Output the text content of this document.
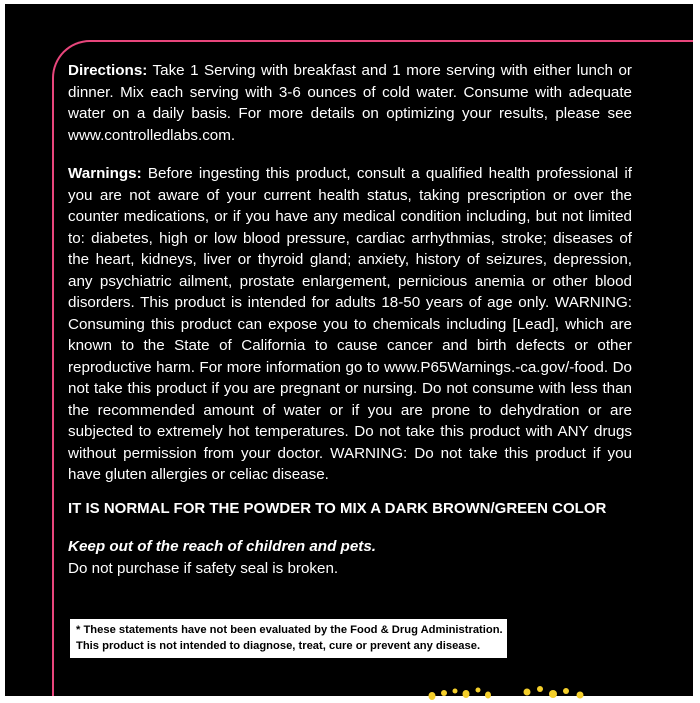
Directions: Take 1 Serving with breakfast and 1 more serving with either lunch or dinner. Mix each serving with 3-6 ounces of cold water. Consume with adequate water on a daily basis. For more details on optimizing your results, please see www.controlledlabs.com.

Warnings: Before ingesting this product, consult a qualified health professional if you are not aware of your current health status, taking prescription or over the counter medications, or if you have any medical condition including, but not limited to: diabetes, high or low blood pressure, cardiac arrhythmias, stroke; diseases of the heart, kidneys, liver or thyroid gland; anxiety, history of seizures, depression, any psychiatric ailment, prostate enlargement, pernicious anemia or other blood disorders. This product is intended for adults 18-50 years of age only. WARNING: Consuming this product can expose you to chemicals including [Lead], which are known to the State of California to cause cancer and birth defects or other reproductive harm. For more information go to www.P65Warnings.-ca.gov/-food. Do not take this product if you are pregnant or nursing. Do not consume with less than the recommended amount of water or if you are prone to dehydration or are subjected to extremely hot temperatures. Do not take this product with ANY drugs without permission from your doctor. WARNING: Do not take this product if you have gluten allergies or celiac disease.

IT IS NORMAL FOR THE POWDER TO MIX A DARK BROWN/GREEN COLOR

Keep out of the reach of children and pets.

Do not purchase if safety seal is broken.

* These statements have not been evaluated by the Food & Drug Administration.
This product is not intended to diagnose, treat, cure or prevent any disease.
